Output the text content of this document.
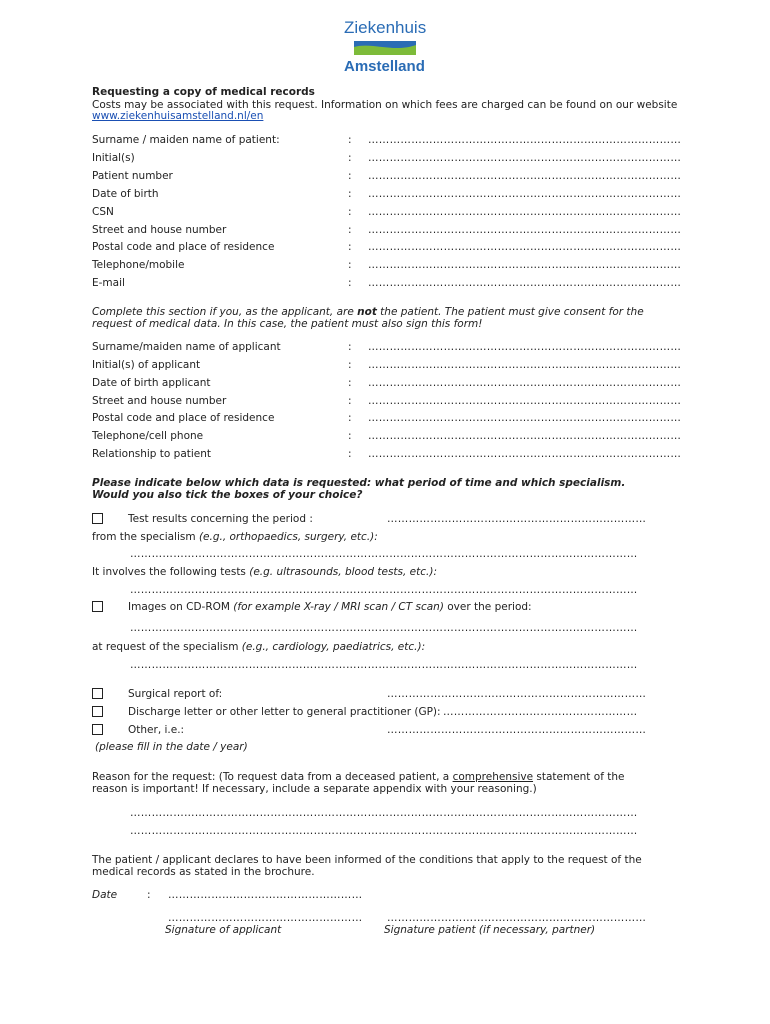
Ziekenhuis
Amstelland
Requesting a copy of medical records
Costs may be associated with this request. Information on which fees are charged can be found on our website
www.ziekenhuisamstelland.nl/en
Surname / maiden name of patient:	: ……………………………………………………………………………
Initial(s)	: ……………………………………………………………………………
Patient number	: ……………………………………………………………………………
Date of birth	: ……………………………………………………………………………
CSN	: ……………………………………………………………………………
Street and house number	: ……………………………………………………………………………
Postal code and place of residence	: ……………………………………………………………………………
Telephone/mobile	: ……………………………………………………………………………
E-mail	: ……………………………………………………………………………
Complete this section if you, as the applicant, are not the patient. The patient must give consent for the request of medical data. In this case, the patient must also sign this form!
Surname/maiden name of applicant	: ……………………………………………………………………………
Initial(s) of applicant	: ……………………………………………………………………………
Date of birth applicant	: ……………………………………………………………………………
Street and house number	: ……………………………………………………………………………
Postal code and place of residence	: ……………………………………………………………………………
Telephone/cell phone	: ……………………………………………………………………………
Relationship to patient	: ……………………………………………………………………………
Please indicate below which data is requested: what period of time and which specialism. Would you also tick the boxes of your choice?
Test results concerning the period :	………………………………………………………………
from the specialism (e.g., orthopaedics, surgery, etc.):
……………………………………………………………………………………………………………………………
It involves the following tests (e.g. ultrasounds, blood tests, etc.):
……………………………………………………………………………………………………………………………
Images on CD-ROM (for example X-ray / MRI scan / CT scan) over the period:
……………………………………………………………………………………………………………………………
at request of the specialism (e.g., cardiology, paediatrics, etc.):
……………………………………………………………………………………………………………………………
Surgical report of:	………………………………………………………………
Discharge letter or other letter to general practitioner (GP): ………………………………………………
Other, i.e.:	………………………………………………………………
(please fill in the date / year)
Reason for the request: (To request data from a deceased patient, a comprehensive statement of the reason is important! If necessary, include a separate appendix with your reasoning.)
……………………………………………………………………………………………………………………………
……………………………………………………………………………………………………………………………
The patient / applicant declares to have been informed of the conditions that apply to the request of the medical records as stated in the brochure.
Date	: ………………………………………………
……………………………………………… ………………………………………………………………
Signature of applicant	Signature patient (if necessary, partner)
